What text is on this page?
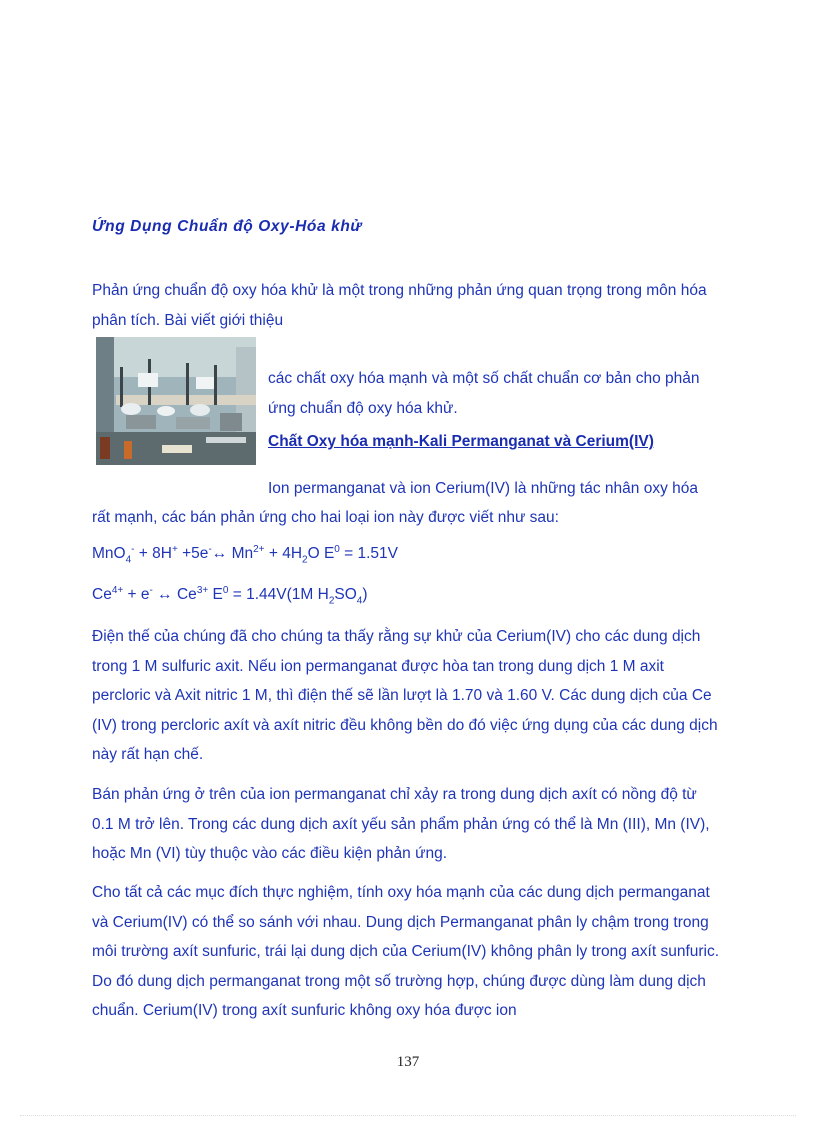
Ứng Dụng Chuẩn độ Oxy-Hóa khử
Phản ứng chuẩn độ oxy hóa khử là một trong những phản ứng quan trọng trong môn hóa phân tích. Bài viết giới thiệu
các chất oxy hóa mạnh và một số chất chuẩn cơ bản cho phản ứng chuẩn độ oxy hóa khử.
Chất Oxy hóa mạnh-Kali Permanganat và Cerium(IV)
Ion permanganat và ion Cerium(IV) là những tác nhân oxy hóa
rất mạnh, các bán phản ứng cho hai loại ion này được viết như sau:
MnO$_4$- + 8H+ +5e-↔ $Mn^{2+} + 4H_2O$ $E^0 = 1.51V$
$Ce^{4+} + e^-$ ↔ $Ce^{3+}$ $E^0 = 1.44V(1M$ $H_2SO_4$)
Điện thế của chúng đã cho chúng ta thấy rằng sự khử của Cerium(IV) cho các dung dịch trong 1 M sulfuric axit. Nếu ion permanganat được hòa tan trong dung dịch 1 M axit percloric và Axit nitric 1 M, thì điện thế sẽ lần lượt là 1.70 và 1.60 V. Các dung dịch của Ce (IV) trong percloric axít và axít nitric đều không bền do đó việc ứng dụng của các dung dịch này rất hạn chế.
Bán phản ứng ở trên của ion permanganat chỉ xảy ra trong dung dịch axít có nồng độ từ 0.1 M trở lên. Trong các dung dịch axít yếu sản phẩm phản ứng có thể là Mn (III), Mn (IV), hoặc Mn (VI) tùy thuộc vào các điều kiện phản ứng.
Cho tất cả các mục đích thực nghiệm, tính oxy hóa mạnh của các dung dịch permanganat và Cerium(IV) có thể so sánh với nhau. Dung dịch Permanganat phân ly chậm trong trong môi trường axít sunfuric, trái lại dung dịch của Cerium(IV) không phân ly trong axít sunfuric. Do đó dung dịch permanganat trong một số trường hợp, chúng được dùng làm dung dịch chuẩn. Cerium(IV) trong axít sunfuric không oxy hóa được ion
137
